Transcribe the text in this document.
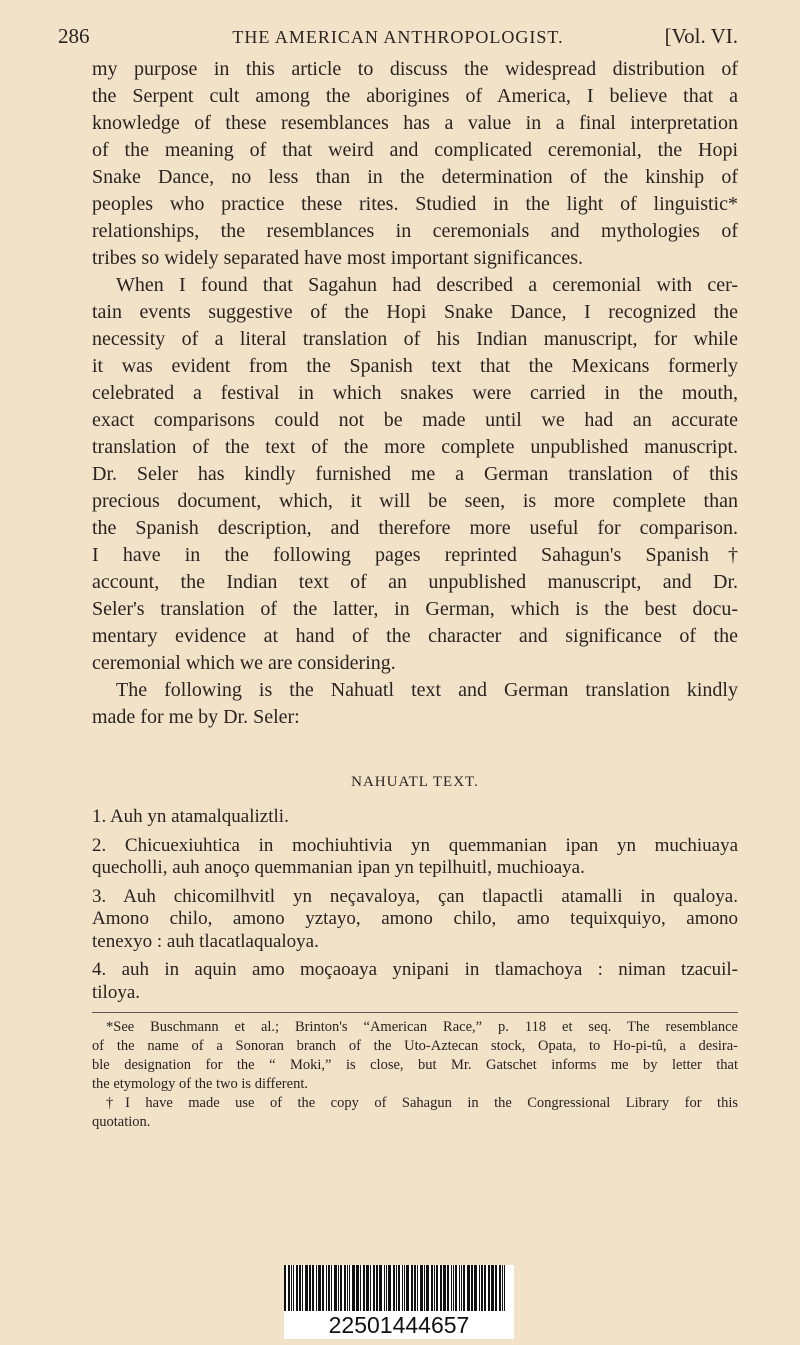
286	THE AMERICAN ANTHROPOLOGIST.	[Vol. VI.
my purpose in this article to discuss the widespread distribution of
the Serpent cult among the aborigines of America, I believe that a
knowledge of these resemblances has a value in a final interpretation
of the meaning of that weird and complicated ceremonial, the Hopi
Snake Dance, no less than in the determination of the kinship of
peoples who practice these rites. Studied in the light of linguistic*
relationships, the resemblances in ceremonials and mythologies of
tribes so widely separated have most important significances.
When I found that Sagahun had described a ceremonial with cer-
tain events suggestive of the Hopi Snake Dance, I recognized the
necessity of a literal translation of his Indian manuscript, for while
it was evident from the Spanish text that the Mexicans formerly
celebrated a festival in which snakes were carried in the mouth,
exact comparisons could not be made until we had an accurate
translation of the text of the more complete unpublished manuscript.
Dr. Seler has kindly furnished me a German translation of this
precious document, which, it will be seen, is more complete than
the Spanish description, and therefore more useful for comparison.
I have in the following pages reprinted Sahagun's Spanish†
account, the Indian text of an unpublished manuscript, and Dr.
Seler's translation of the latter, in German, which is the best docu-
mentary evidence at hand of the character and significance of the
ceremonial which we are considering.
The following is the Nahuatl text and German translation kindly
made for me by Dr. Seler:
NAHUATL TEXT.
1. Auh yn atamalqualiztli.
2. Chicuexiuhtica in mochiuhtivia yn quemmanian ipan yn muchiuaya
quecholli, auh anoço quemmanian ipan yn tepilhuitl, muchioaya.
3. Auh chicomilhvitl yn neçavaloya, çan tlapactli atamalli in qualoya.
Amono chilo, amono yztayo, amono chilo, amo tequixquiyo, amono
tenexyo : auh tlacatlaqualoya.
4. auh in aquin amo moçaoaya ynipani in tlamachoya : niman tzacuil-
tiloya.
*See Buschmann et al.; Brinton's “American Race,” p. 118 et seq. The resemblance
of the name of a Sonoran branch of the Uto-Aztecan stock, Opata, to Ho-pi-tû, a desira-
ble designation for the “ Moki,” is close, but Mr. Gatschet informs me by letter that
the etymology of the two is different.
†I have made use of the copy of Sahagun in the Congressional Library for this
quotation.
22501444657
